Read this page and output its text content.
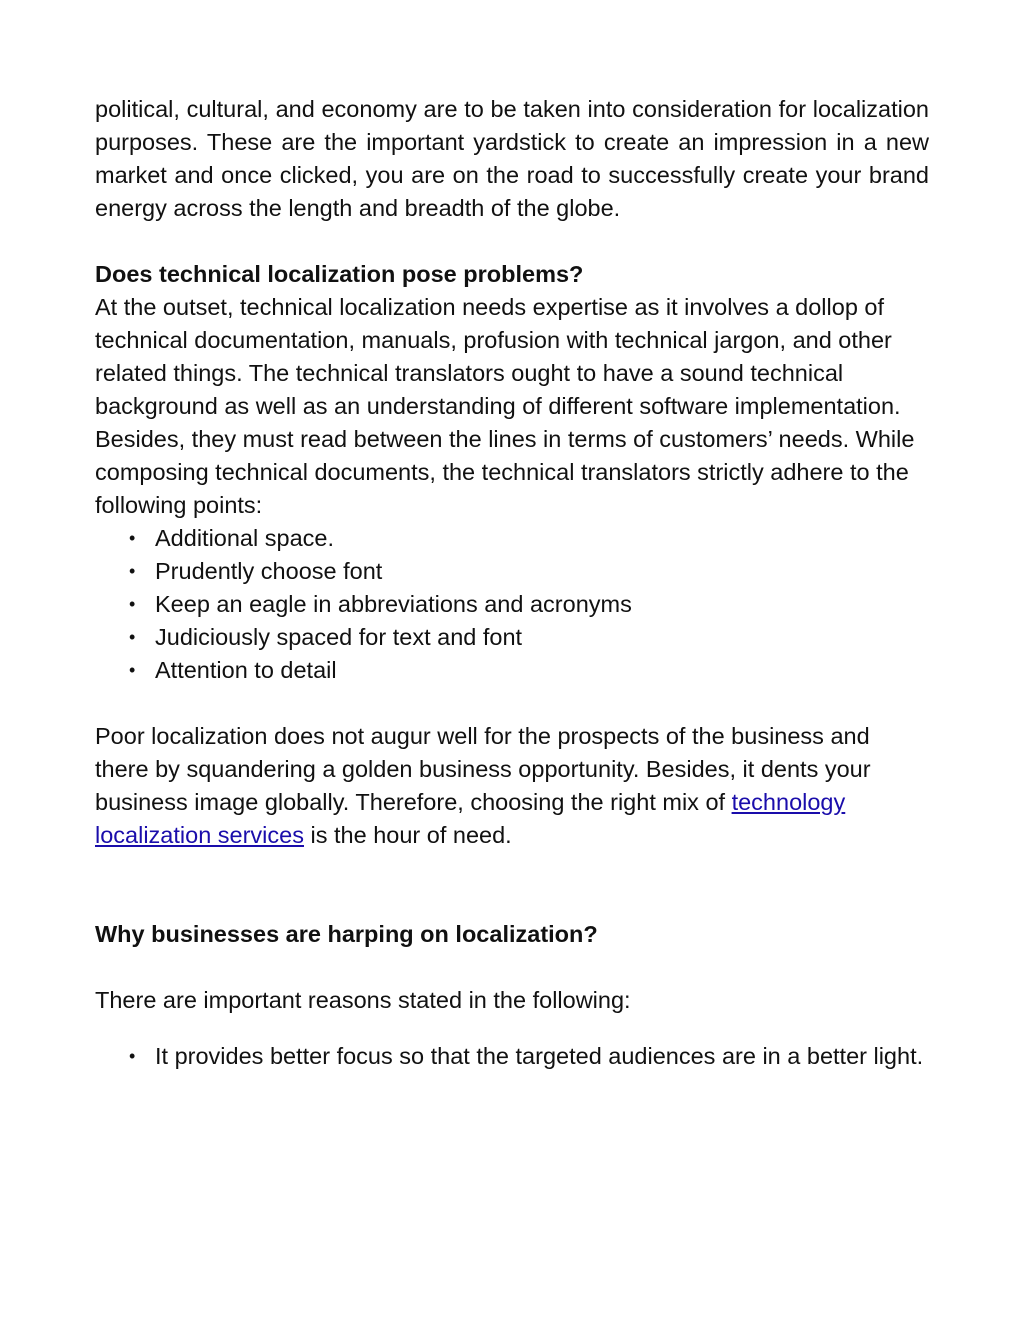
political, cultural, and economy are to be taken into consideration for localization purposes. These are the important yardstick to create an impression in a new market and once clicked, you are on the road to successfully create your brand energy across the length and breadth of the globe.

Does technical localization pose problems?

At the outset, technical localization needs expertise as it involves a dollop of technical documentation, manuals, profusion with technical jargon, and other related things. The technical translators ought to have a sound technical background as well as an understanding of different software implementation. Besides, they must read between the lines in terms of customers’ needs. While composing technical documents, the technical translators strictly adhere to the following points:

• Additional space.
• Prudently choose font
• Keep an eagle in abbreviations and acronyms
• Judiciously spaced for text and font
• Attention to detail

Poor localization does not augur well for the prospects of the business and there by squandering a golden business opportunity. Besides, it dents your business image globally. Therefore, choosing the right mix of technology localization services is the hour of need.

Why businesses are harping on localization?

There are important reasons stated in the following:

• It provides better focus so that the targeted audiences are in a better light.
